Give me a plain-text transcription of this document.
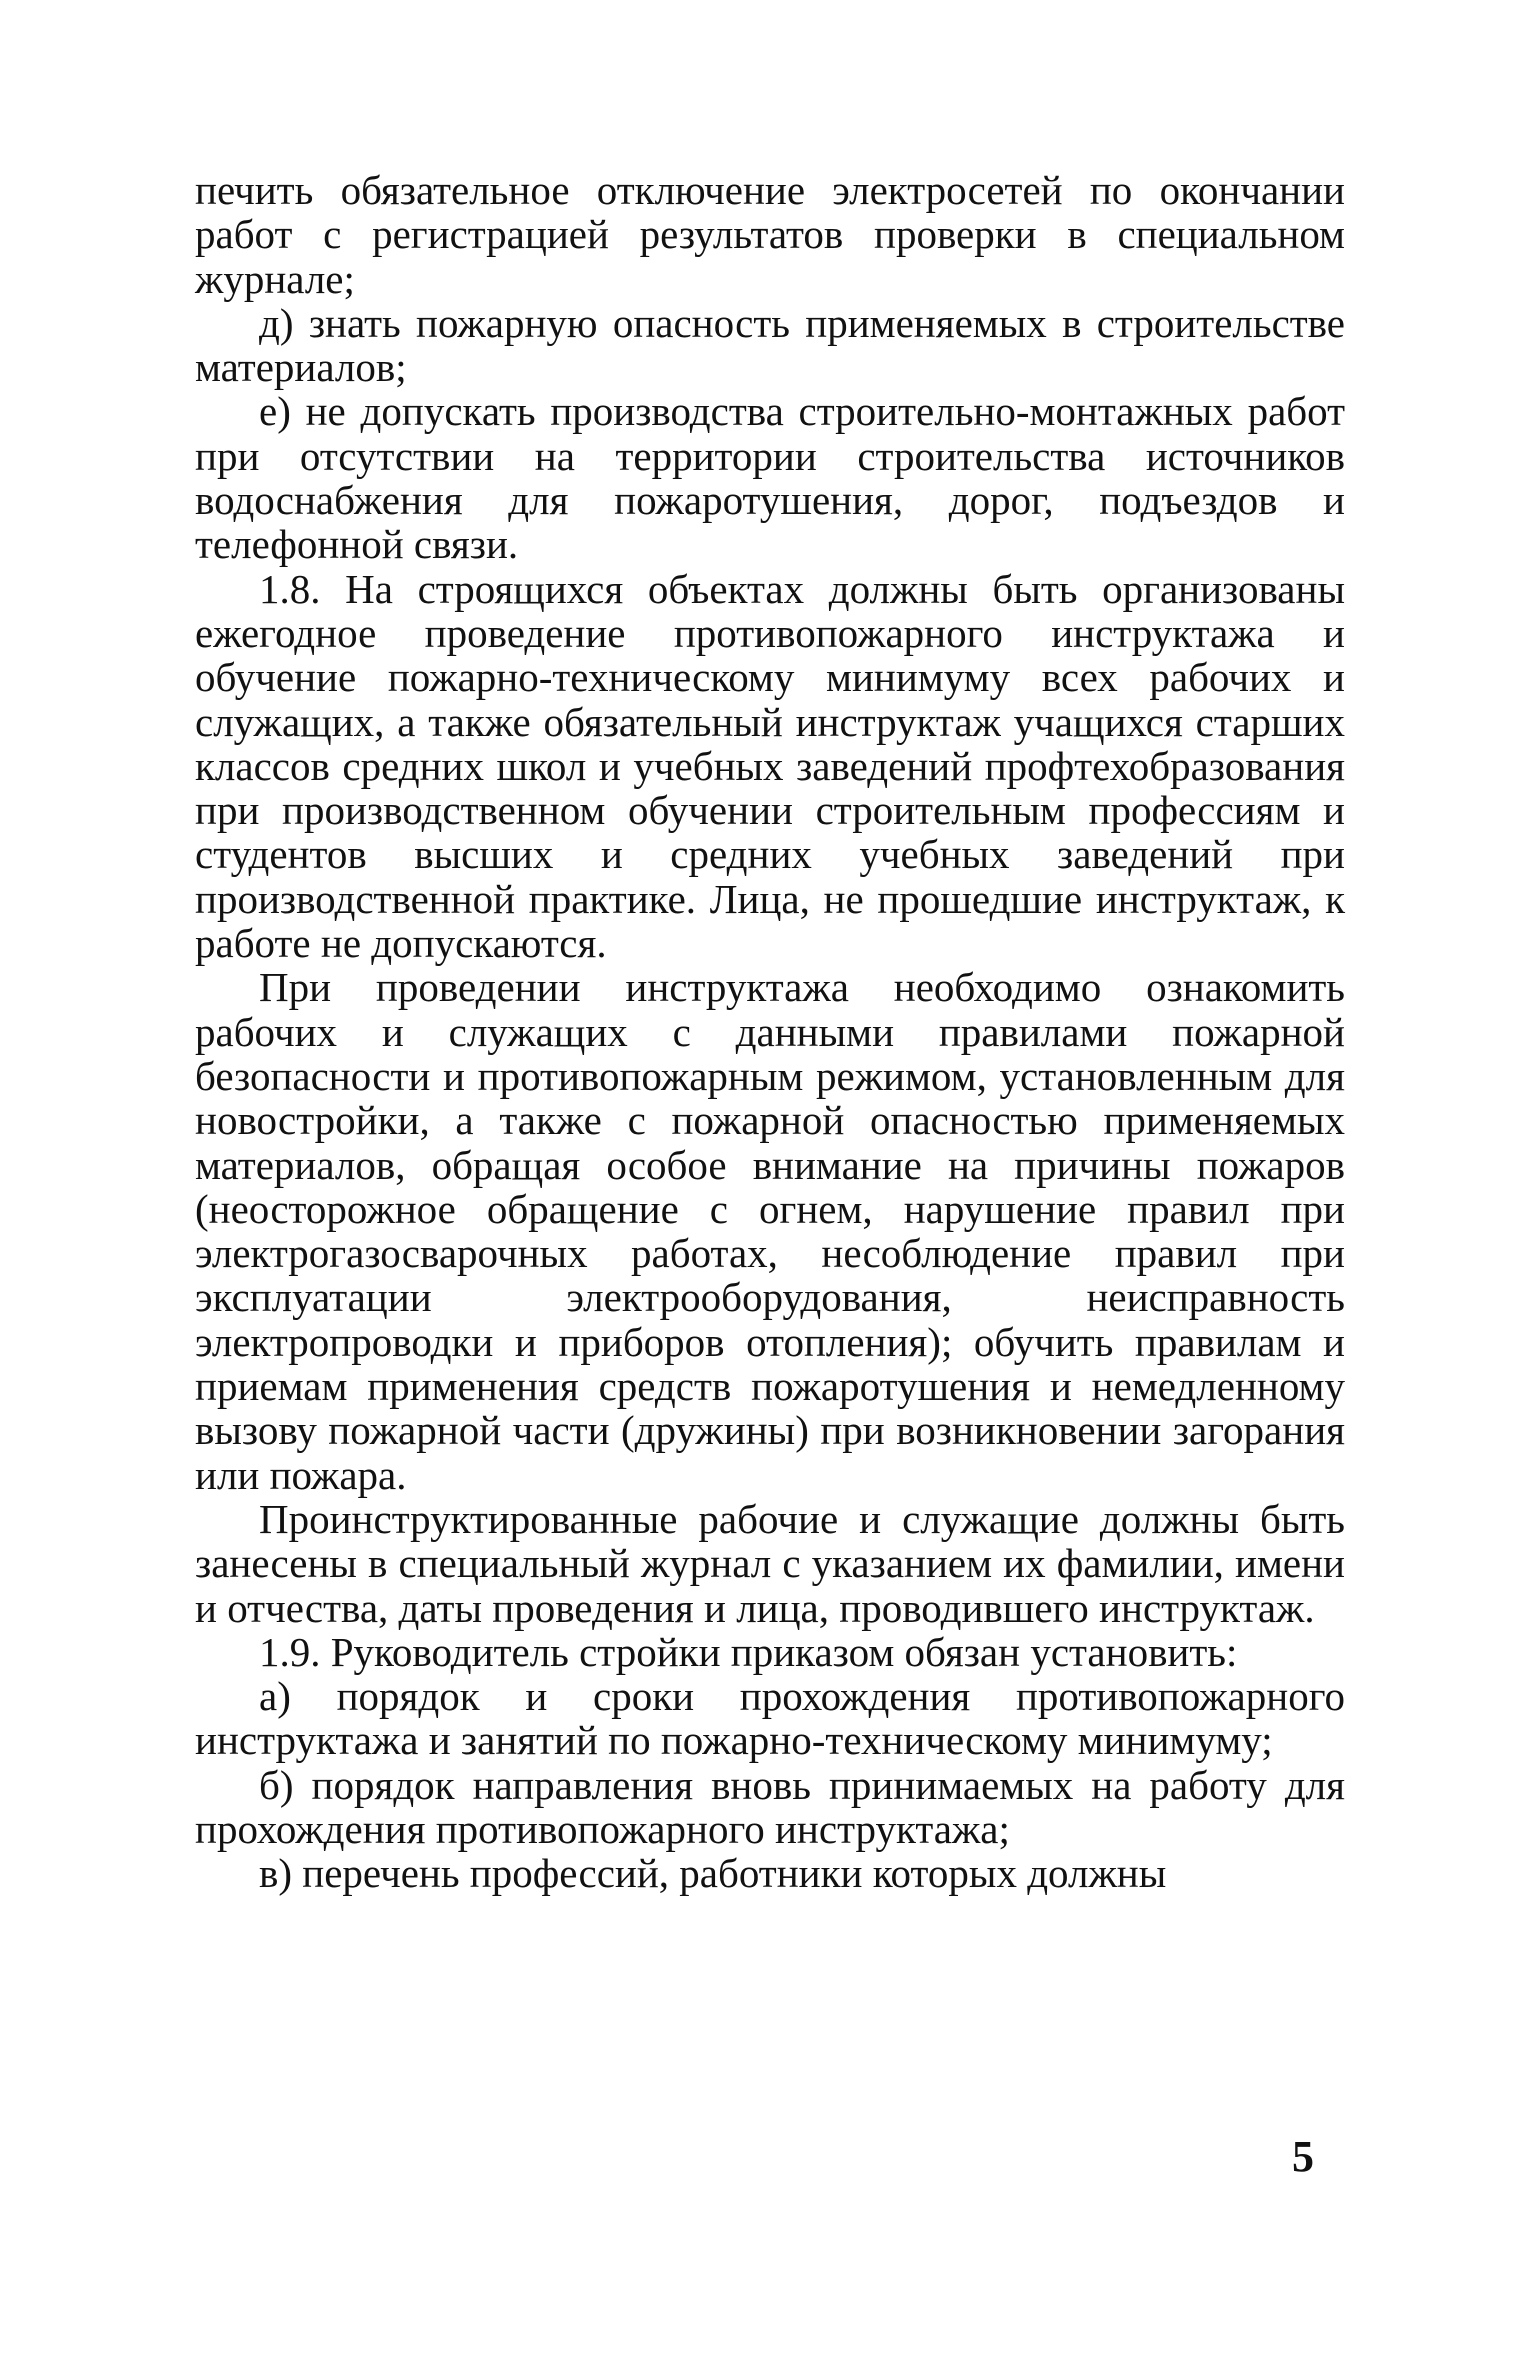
печить обязательное отключение электросетей по окончании работ с регистрацией результатов проверки в специальном журнале;

д) знать пожарную опасность применяемых в строительстве материалов;

е) не допускать производства строительно-монтажных работ при отсутствии на территории строительства источников водоснабжения для пожаротушения, дорог, подъездов и телефонной связи.

1.8. На строящихся объектах должны быть организованы ежегодное проведение противопожарного инструктажа и обучение пожарно-техническому минимуму всех рабочих и служащих, а также обязательный инструктаж учащихся старших классов средних школ и учебных заведений профтехобразования при производственном обучении строительным профессиям и студентов высших и средних учебных заведений при производственной практике. Лица, не прошедшие инструктаж, к работе не допускаются.

При проведении инструктажа необходимо ознакомить рабочих и служащих с данными правилами пожарной безопасности и противопожарным режимом, установленным для новостройки, а также с пожарной опасностью применяемых материалов, обращая особое внимание на причины пожаров (неосторожное обращение с огнем, нарушение правил при электрогазосварочных работах, несоблюдение правил при эксплуатации электрооборудования, неисправность электропроводки и приборов отопления); обучить правилам и приемам применения средств пожаротушения и немедленному вызову пожарной части (дружины) при возникновении загорания или пожара.

Проинструктированные рабочие и служащие должны быть занесены в специальный журнал с указанием их фамилии, имени и отчества, даты проведения и лица, проводившего инструктаж.

1.9. Руководитель стройки приказом обязан установить:

а) порядок и сроки прохождения противопожарного инструктажа и занятий по пожарно-техническому минимуму;

б) порядок направления вновь принимаемых на работу для прохождения противопожарного инструктажа;

в) перечень профессий, работники которых должны

5
